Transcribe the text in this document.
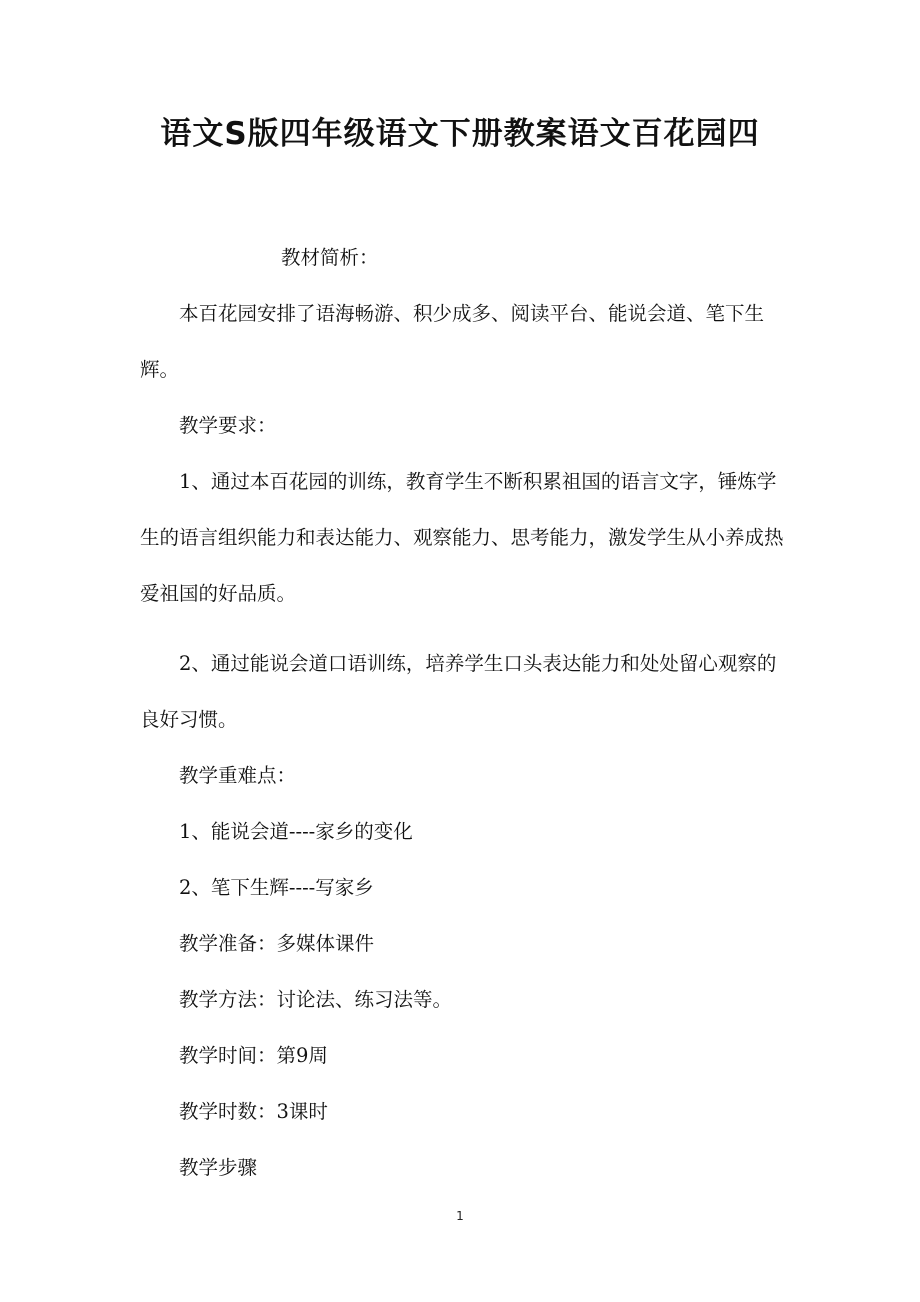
语文S版四年级语文下册教案语文百花园四

教材简析：

本百花园安排了语海畅游、积少成多、阅读平台、能说会道、笔下生辉。

教学要求：

1、通过本百花园的训练，教育学生不断积累祖国的语言文字，锤炼学生的语言组织能力和表达能力、观察能力、思考能力，激发学生从小养成热爱祖国的好品质。

2、通过能说会道口语训练，培养学生口头表达能力和处处留心观察的良好习惯。

教学重难点：

1、能说会道----家乡的变化

2、笔下生辉----写家乡

教学准备：多媒体课件

教学方法：讨论法、练习法等。

教学时间：第9周

教学时数：3课时

教学步骤

1
